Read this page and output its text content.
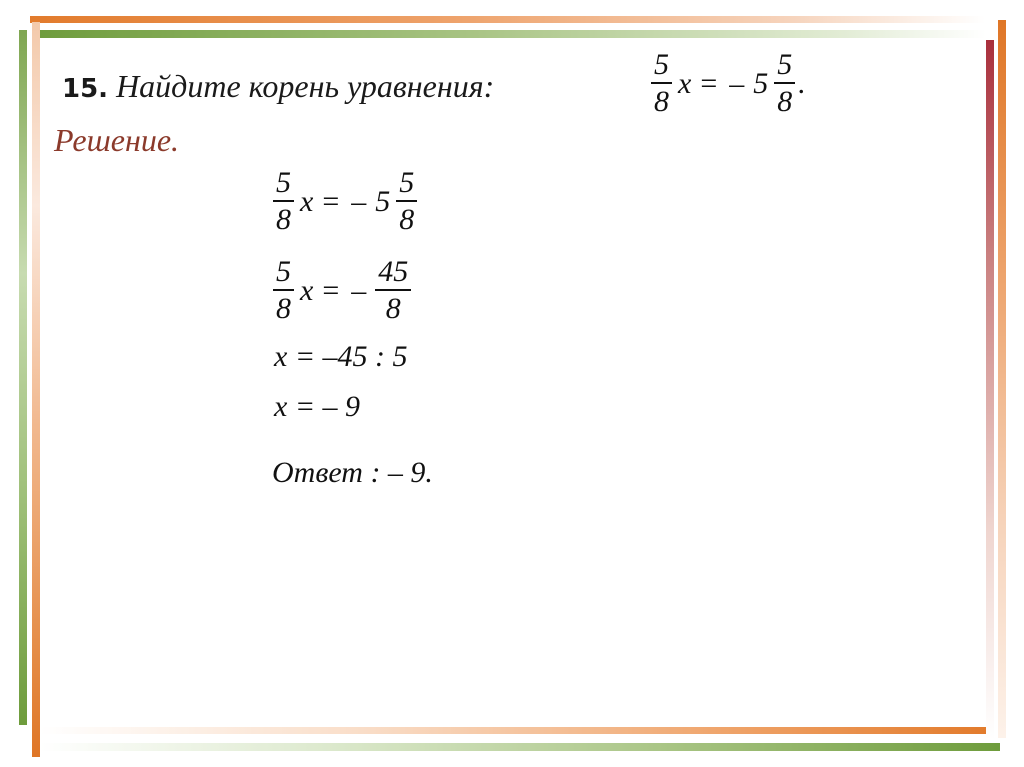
15. Найдите корень уравнения:	$\frac{5}{8}$ x = – $5 \frac{5}{8}$ .
Решение.
$\frac{5}{8}$ x = – $5 \frac{5}{8}$
$\frac{5}{8}$ x = – $\frac{45}{8}$
x = –45 : 5
x = – 9
Ответ : – 9.
